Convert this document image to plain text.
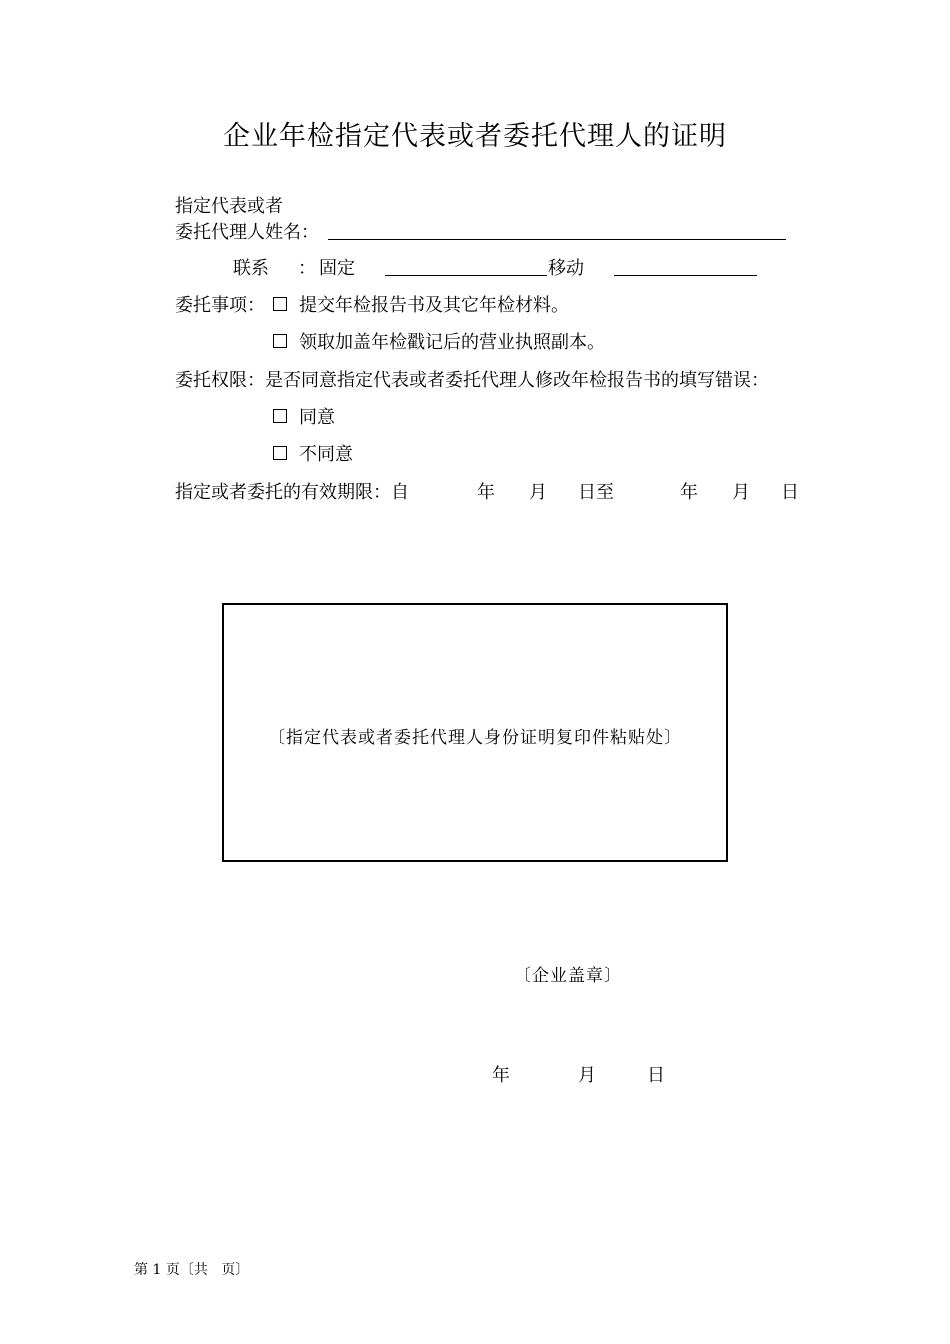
企业年检指定代表或者委托代理人的证明
指定代表或者
委托代理人姓名：
联系 ： 固定	移动
委托事项：	提交年检报告书及其它年检材料。
领取加盖年检戳记后的营业执照副本。
委托权限：是否同意指定代表或者委托代理人修改年检报告书的填写错误：
同意
不同意
指定或者委托的有效期限：自	年 月 日至	年 月 日
〔指定代表或者委托代理人身份证明复印件粘贴处〕
〔企业盖章〕
年	月	日
第 1 页〔共 页〕
